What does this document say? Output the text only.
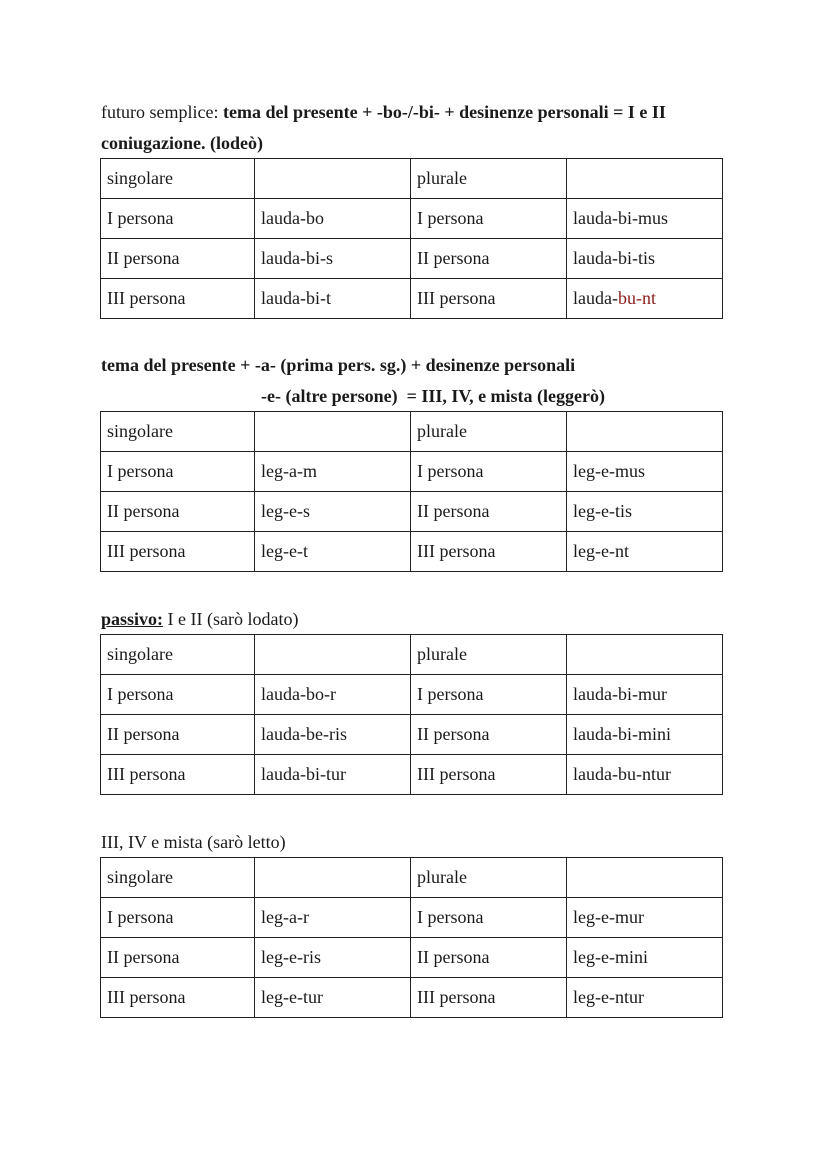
futuro semplice: tema del presente + -bo-/-bi- + desinenze personali = I e II
coniugazione. (lodeò)
singolare		plurale	
I persona	lauda-bo	I persona	lauda-bi-mus
II persona	lauda-bi-s	II persona	lauda-bi-tis
III persona	lauda-bi-t	III persona	lauda-bu-nt
tema del presente + -a- (prima pers. sg.) + desinenze personali
-e- (altre persone) = III, IV, e mista (leggerò)
singolare		plurale	
I persona	leg-a-m	I persona	leg-e-mus
II persona	leg-e-s	II persona	leg-e-tis
III persona	leg-e-t	III persona	leg-e-nt
passivo: I e II (sarò lodato)
singolare		plurale	
I persona	lauda-bo-r	I persona	lauda-bi-mur
II persona	lauda-be-ris	II persona	lauda-bi-mini
III persona	lauda-bi-tur	III persona	lauda-bu-ntur
III, IV e mista (sarò letto)
singolare		plurale	
I persona	leg-a-r	I persona	leg-e-mur
II persona	leg-e-ris	II persona	leg-e-mini
III persona	leg-e-tur	III persona	leg-e-ntur
